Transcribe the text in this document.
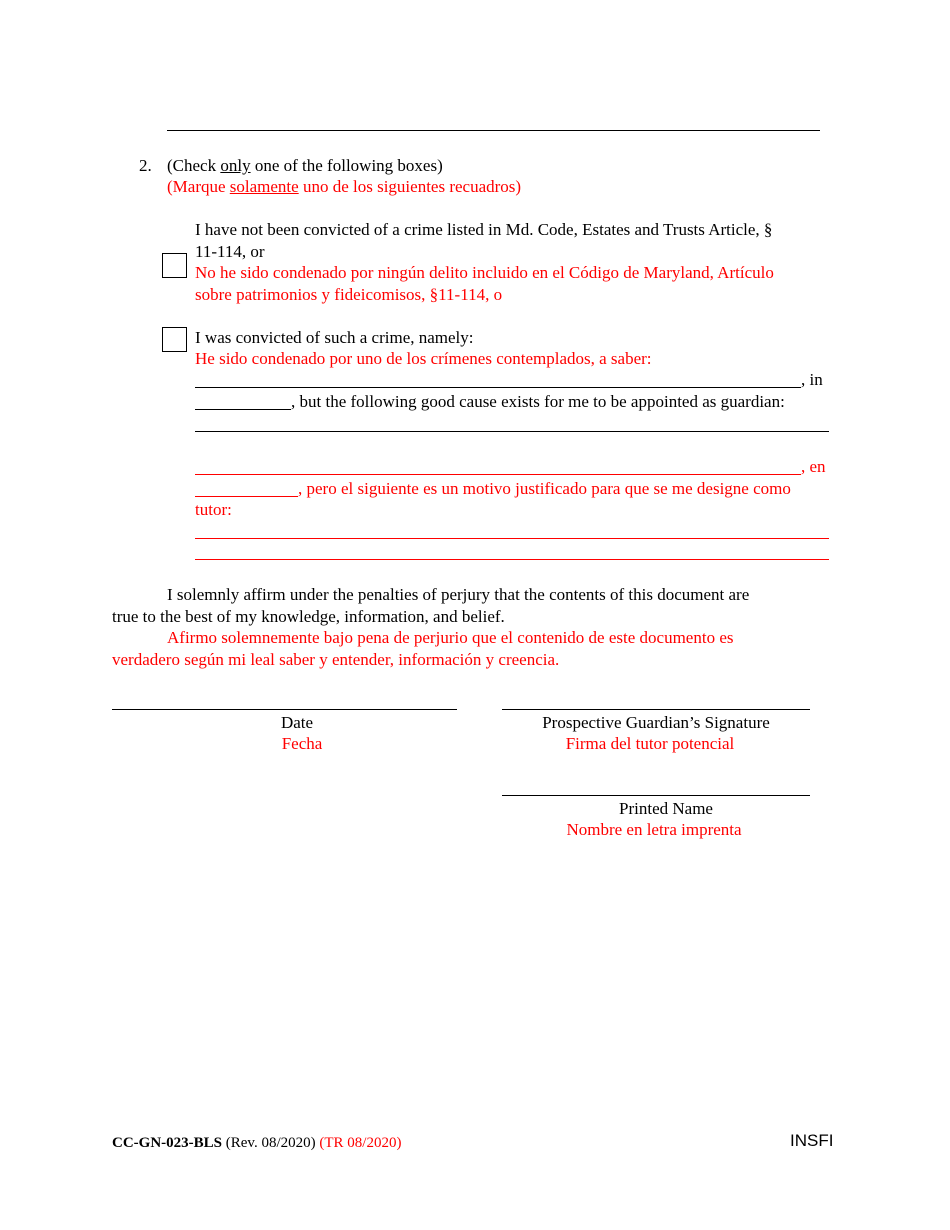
2. (Check only one of the following boxes)
(Marque solamente uno de los siguientes recuadros)
I have not been convicted of a crime listed in Md. Code, Estates and Trusts Article, §
11-114, or
No he sido condenado por ningún delito incluido en el Código de Maryland, Artículo
sobre patrimonios y fideicomisos, §11-114, o
I was convicted of such a crime, namely:
He sido condenado por uno de los crímenes contemplados, a saber:
, in
, but the following good cause exists for me to be appointed as guardian:
, en
, pero el siguiente es un motivo justificado para que se me designe como
tutor:
I solemnly affirm under the penalties of perjury that the contents of this document are
true to the best of my knowledge, information, and belief.
Afirmo solemnemente bajo pena de perjurio que el contenido de este documento es
verdadero según mi leal saber y entender, información y creencia.
Date
Fecha
Prospective Guardian’s Signature
Firma del tutor potencial
Printed Name
Nombre en letra imprenta
CC-GN-023-BLS (Rev. 08/2020) (TR 08/2020)	INSFI
